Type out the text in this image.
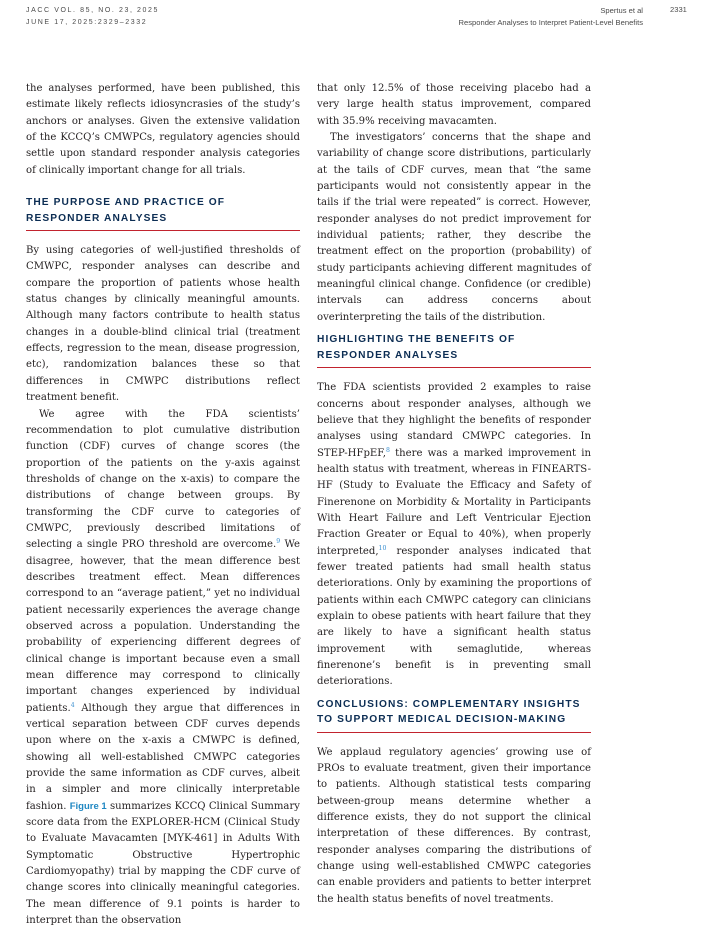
JACC VOL. 85, NO. 23, 2025
JUNE 17, 2025:2329–2332
Spertus et al
Responder Analyses to Interpret Patient-Level Benefits
2331

the analyses performed, have been published, this estimate likely reflects idiosyncrasies of the study’s anchors or analyses. Given the extensive validation of the KCCQ’s CMWPCs, regulatory agencies should settle upon standard responder analysis categories of clinically important change for all trials.

THE PURPOSE AND PRACTICE OF RESPONDER ANALYSES

By using categories of well-justified thresholds of CMWPC, responder analyses can describe and compare the proportion of patients whose health status changes by clinically meaningful amounts. Although many factors contribute to health status changes in a double-blind clinical trial (treatment effects, regression to the mean, disease progression, etc), randomization balances these so that differences in CMWPC distributions reflect treatment benefit.

We agree with the FDA scientists’ recommendation to plot cumulative distribution function (CDF) curves of change scores (the proportion of the patients on the y-axis against thresholds of change on the x-axis) to compare the distributions of change between groups. By transforming the CDF curve to categories of CMWPC, previously described limitations of selecting a single PRO threshold are overcome.$^9$ We disagree, however, that the mean difference best describes treatment effect. Mean differences correspond to an “average patient,” yet no individual patient necessarily experiences the average change observed across a population. Understanding the probability of experiencing different degrees of clinical change is important because even a small mean difference may correspond to clinically important changes experienced by individual patients.$^4$ Although they argue that differences in vertical separation between CDF curves depends upon where on the x-axis a CMWPC is defined, showing all well-established CMWPC categories provide the same information as CDF curves, albeit in a simpler and more clinically interpretable fashion. Figure 1 summarizes KCCQ Clinical Summary score data from the EXPLORER-HCM (Clinical Study to Evaluate Mavacamten [MYK-461] in Adults With Symptomatic Obstructive Hypertrophic Cardiomyopathy) trial by mapping the CDF curve of change scores into clinically meaningful categories. The mean difference of 9.1 points is harder to interpret than the observation

that only 12.5% of those receiving placebo had a very large health status improvement, compared with 35.9% receiving mavacamten.

The investigators’ concerns that the shape and variability of change score distributions, particularly at the tails of CDF curves, mean that “the same participants would not consistently appear in the tails if the trial were repeated” is correct. However, responder analyses do not predict improvement for individual patients; rather, they describe the treatment effect on the proportion (probability) of study participants achieving different magnitudes of meaningful clinical change. Confidence (or credible) intervals can address concerns about overinterpreting the tails of the distribution.

HIGHLIGHTING THE BENEFITS OF RESPONDER ANALYSES

The FDA scientists provided 2 examples to raise concerns about responder analyses, although we believe that they highlight the benefits of responder analyses using standard CMWPC categories. In STEP-HFpEF,$^8$ there was a marked improvement in health status with treatment, whereas in FINEARTS-HF (Study to Evaluate the Efficacy and Safety of Finerenone on Morbidity & Mortality in Participants With Heart Failure and Left Ventricular Ejection Fraction Greater or Equal to 40%), when properly interpreted,$^{10}$ responder analyses indicated that fewer treated patients had small health status deteriorations. Only by examining the proportions of patients within each CMWPC category can clinicians explain to obese patients with heart failure that they are likely to have a significant health status improvement with semaglutide, whereas finerenone’s benefit is in preventing small deteriorations.

CONCLUSIONS: COMPLEMENTARY INSIGHTS TO SUPPORT MEDICAL DECISION-MAKING

We applaud regulatory agencies’ growing use of PROs to evaluate treatment, given their importance to patients. Although statistical tests comparing between-group means determine whether a difference exists, they do not support the clinical interpretation of these differences. By contrast, responder analyses comparing the distributions of change using well-established CMWPC categories can enable providers and patients to better interpret the health status benefits of novel treatments.
